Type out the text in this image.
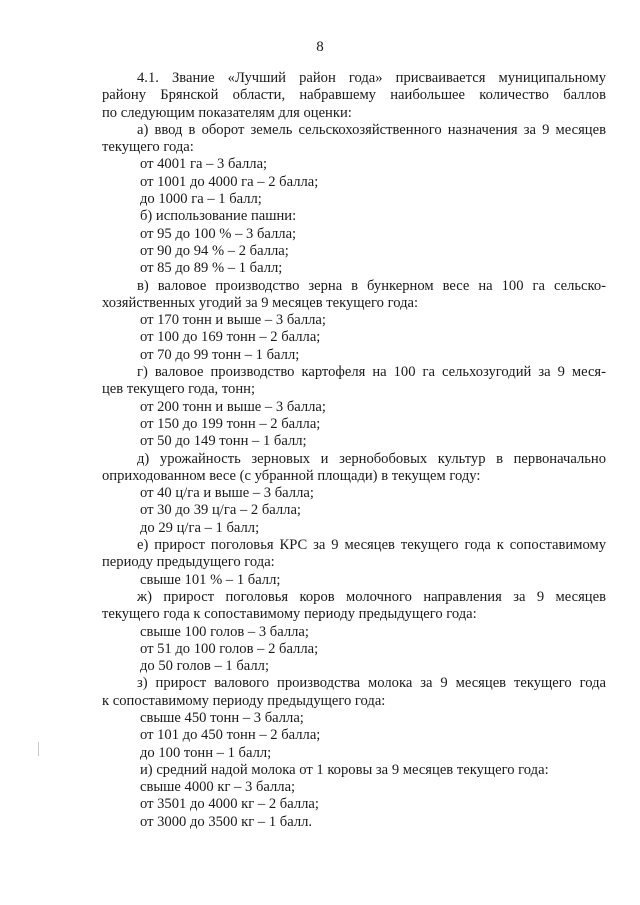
8
4.1. Звание «Лучший район года» присваивается муниципальному
району Брянской области, набравшему наибольшее количество баллов
по следующим показателям для оценки:
а) ввод в оборот земель сельскохозяйственного назначения за 9 месяцев
текущего года:
от 4001 га – 3 балла;
от 1001 до 4000 га – 2 балла;
до 1000 га – 1 балл;
б) использование пашни:
от 95 до 100 % – 3 балла;
от 90 до 94 % – 2 балла;
от 85 до 89 % – 1 балл;
в) валовое производство зерна в бункерном весе на 100 га сельско-
хозяйственных угодий за 9 месяцев текущего года:
от 170 тонн и выше – 3 балла;
от 100 до 169 тонн – 2 балла;
от 70 до 99 тонн – 1 балл;
г) валовое производство картофеля на 100 га сельхозугодий за 9 меся-
цев текущего года, тонн;
от 200 тонн и выше – 3 балла;
от 150 до 199 тонн – 2 балла;
от 50 до 149 тонн – 1 балл;
д) урожайность зерновых и зернобобовых культур в первоначально
оприходованном весе (с убранной площади) в текущем году:
от 40 ц/га и выше – 3 балла;
от 30 до 39 ц/га – 2 балла;
до 29 ц/га – 1 балл;
е) прирост поголовья КРС за 9 месяцев текущего года к сопоставимому
периоду предыдущего года:
свыше 101 % – 1 балл;
ж) прирост поголовья коров молочного направления за 9 месяцев
текущего года к сопоставимому периоду предыдущего года:
свыше 100 голов – 3 балла;
от 51 до 100 голов – 2 балла;
до 50 голов – 1 балл;
з) прирост валового производства молока за 9 месяцев текущего года
к сопоставимому периоду предыдущего года:
свыше 450 тонн – 3 балла;
от 101 до 450 тонн – 2 балла;
до 100 тонн – 1 балл;
и) средний надой молока от 1 коровы за 9 месяцев текущего года:
свыше 4000 кг – 3 балла;
от 3501 до 4000 кг – 2 балла;
от 3000 до 3500 кг – 1 балл.
